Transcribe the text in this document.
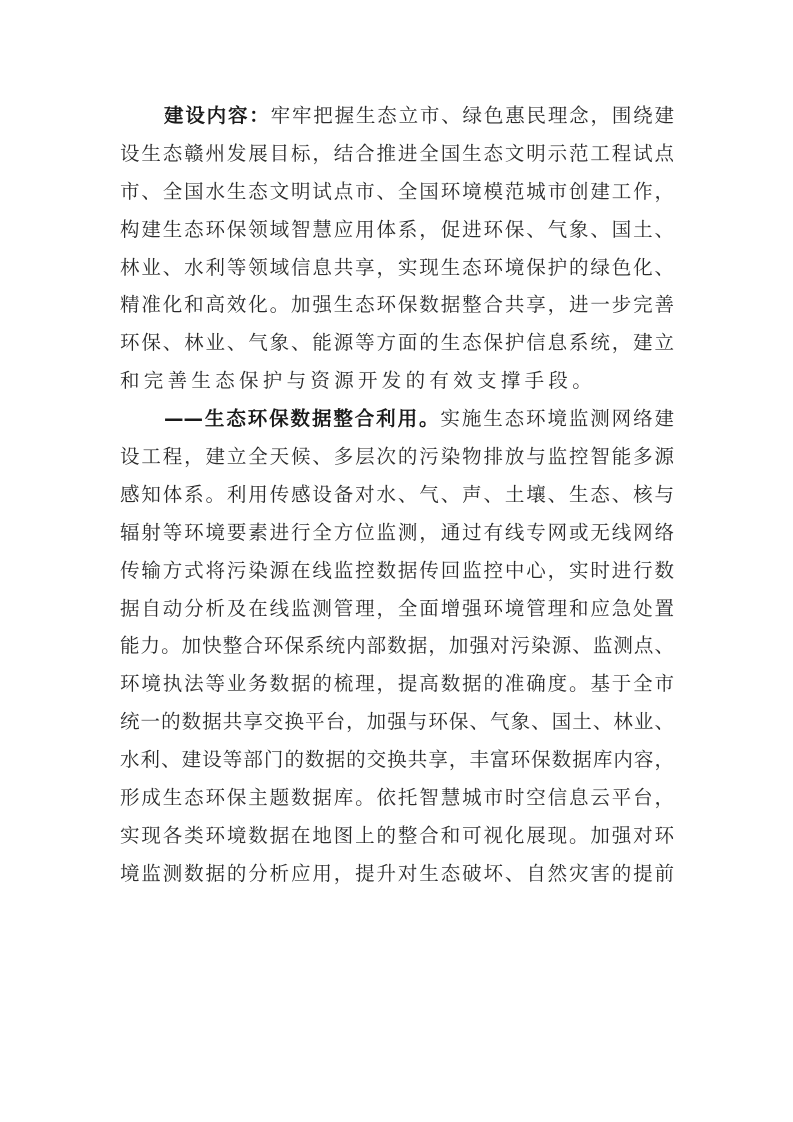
建设内容：牢牢把握生态立市、绿色惠民理念，围绕建
设生态赣州发展目标，结合推进全国生态文明示范工程试点
市、全国水生态文明试点市、全国环境模范城市创建工作，
构建生态环保领域智慧应用体系，促进环保、气象、国土、
林业、水利等领域信息共享，实现生态环境保护的绿色化、
精准化和高效化。加强生态环保数据整合共享，进一步完善
环保、林业、气象、能源等方面的生态保护信息系统，建立
和完善生态保护与资源开发的有效支撑手段。
——生态环保数据整合利用。实施生态环境监测网络建
设工程，建立全天候、多层次的污染物排放与监控智能多源
感知体系。利用传感设备对水、气、声、土壤、生态、核与
辐射等环境要素进行全方位监测，通过有线专网或无线网络
传输方式将污染源在线监控数据传回监控中心，实时进行数
据自动分析及在线监测管理，全面增强环境管理和应急处置
能力。加快整合环保系统内部数据，加强对污染源、监测点、
环境执法等业务数据的梳理，提高数据的准确度。基于全市
统一的数据共享交换平台，加强与环保、气象、国土、林业、
水利、建设等部门的数据的交换共享，丰富环保数据库内容，
形成生态环保主题数据库。依托智慧城市时空信息云平台，
实现各类环境数据在地图上的整合和可视化展现。加强对环
境监测数据的分析应用，提升对生态破坏、自然灾害的提前
